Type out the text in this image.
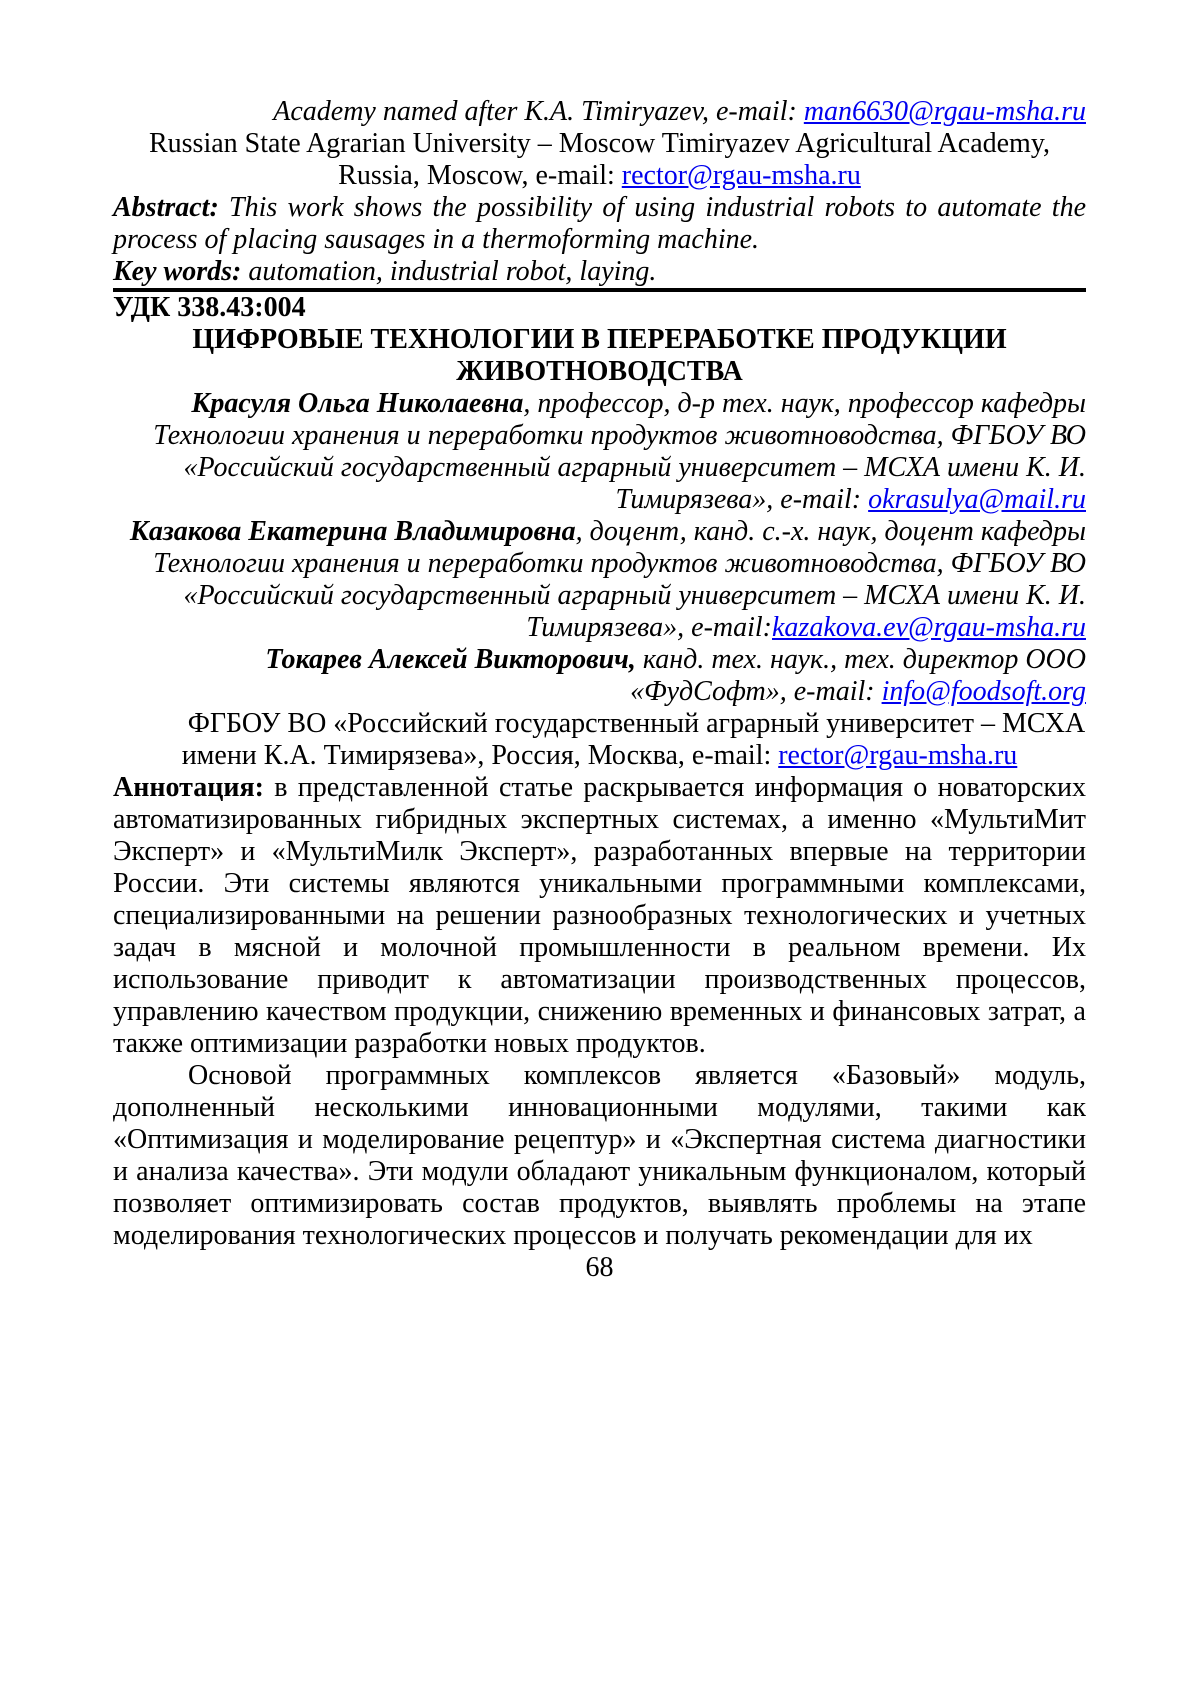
Academy named after K.A. Timiryazev, e-mail: man6630@rgau-msha.ru

Russian State Agrarian University – Moscow Timiryazev Agricultural Academy,
Russia, Moscow, e-mail: rector@rgau-msha.ru

Abstract: This work shows the possibility of using industrial robots to automate the process of placing sausages in a thermoforming machine.

Key words: automation, industrial robot, laying.

УДК 338.43:004

ЦИФРОВЫЕ ТЕХНОЛОГИИ В ПЕРЕРАБОТКЕ ПРОДУКЦИИ ЖИВОТНОВОДСТВА

Красуля Ольга Николаевна, профессор, д-р тех. наук, профессор кафедры Технологии хранения и переработки продуктов животноводства, ФГБОУ ВО «Российский государственный аграрный университет – МСХА имени К. И. Тимирязева», e-mail: okrasulya@mail.ru

Казакова Екатерина Владимировна, доцент, канд. с.-х. наук, доцент кафедры Технологии хранения и переработки продуктов животноводства, ФГБОУ ВО «Российский государственный аграрный университет – МСХА имени К. И. Тимирязева», e-mail:kazakova.ev@rgau-msha.ru

Токарев Алексей Викторович, канд. тех. наук., тех. директор ООО «ФудСофт», e-mail: info@foodsoft.org

ФГБОУ ВО «Российский государственный аграрный университет – МСХА имени К.А. Тимирязева», Россия, Москва, e-mail: rector@rgau-msha.ru

Аннотация: в представленной статье раскрывается информация о новаторских автоматизированных гибридных экспертных системах, а именно «МультиМит Эксперт» и «МультиМилк Эксперт», разработанных впервые на территории России. Эти системы являются уникальными программными комплексами, специализированными на решении разнообразных технологических и учетных задач в мясной и молочной промышленности в реальном времени. Их использование приводит к автоматизации производственных процессов, управлению качеством продукции, снижению временных и финансовых затрат, а также оптимизации разработки новых продуктов.

Основой программных комплексов является «Базовый» модуль, дополненный несколькими инновационными модулями, такими как «Оптимизация и моделирование рецептур» и «Экспертная система диагностики и анализа качества». Эти модули обладают уникальным функционалом, который позволяет оптимизировать состав продуктов, выявлять проблемы на этапе моделирования технологических процессов и получать рекомендации для их

68
